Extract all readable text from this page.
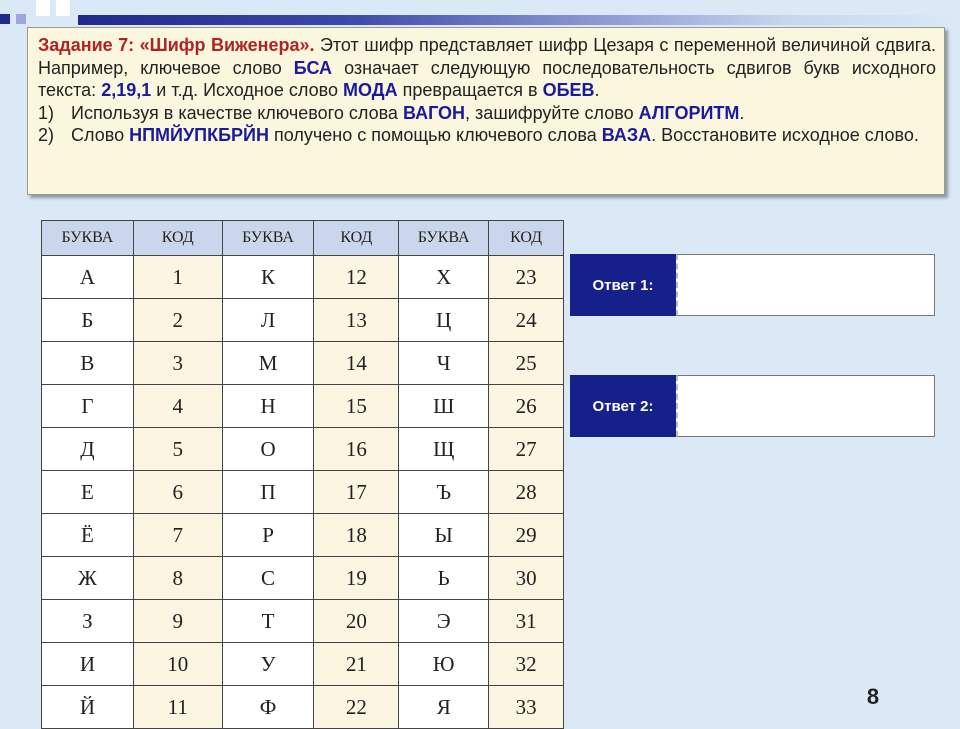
Задание 7: «Шифр Виженера». Этот шифр представляет шифр Цезаря с переменной величиной сдвига. Например, ключевое слово БСА означает следующую последовательность сдвигов букв исходного текста: 2,19,1 и т.д. Исходное слово МОДА превращается в ОБЕВ.
1) Используя в качестве ключевого слова ВАГОН, зашифруйте слово АЛГОРИТМ.
2) Слово НПМЙУПКБРЙН получено с помощью ключевого слова ВАЗА. Восстановите исходное слово.
БУКВА	КОД	БУКВА	КОД	БУКВА	КОД
А	1	К	12	Х	23
Б	2	Л	13	Ц	24
В	3	М	14	Ч	25
Г	4	Н	15	Ш	26
Д	5	О	16	Щ	27
Е	6	П	17	Ъ	28
Ё	7	Р	18	Ы	29
Ж	8	С	19	Ь	30
З	9	Т	20	Э	31
И	10	У	21	Ю	32
Й	11	Ф	22	Я	33
Ответ 1:
Ответ 2:
8
